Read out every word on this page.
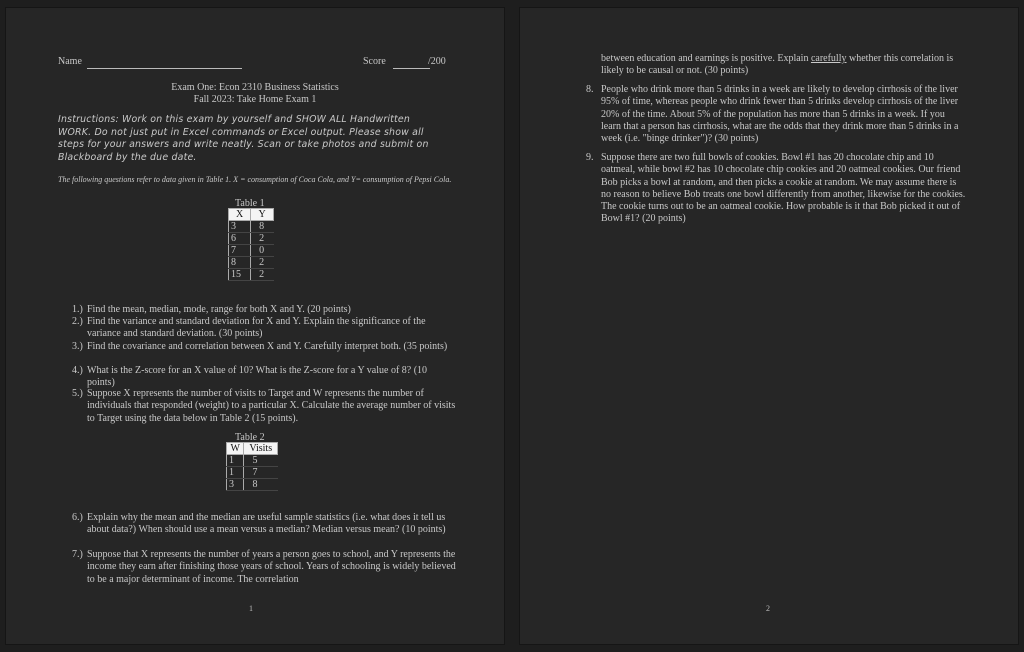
Name	Score	/200
Exam One: Econ 2310 Business Statistics
Fall 2023: Take Home Exam 1
Instructions: Work on this exam by yourself and SHOW ALL Handwritten WORK. Do not just put in Excel commands or Excel output. Please show all steps for your answers and write neatly. Scan or take photos and submit on Blackboard by the due date.
The following questions refer to data given in Table 1. X = consumption of Coca Cola, and Y= consumption of Pepsi Cola.
Table 1
X	Y
3	8
6	2
7	0
8	2
15	2
1.) Find the mean, median, mode, range for both X and Y. (20 points)
2.) Find the variance and standard deviation for X and Y. Explain the significance of the variance and standard deviation. (30 points)
3.) Find the covariance and correlation between X and Y. Carefully interpret both. (35 points)
4.) What is the Z-score for an X value of 10? What is the Z-score for a Y value of 8? (10 points)
5.) Suppose X represents the number of visits to Target and W represents the number of individuals that responded (weight) to a particular X. Calculate the average number of visits to Target using the data below in Table 2 (15 points).
Table 2
W	Visits
1	5
1	7
3	8
6.) Explain why the mean and the median are useful sample statistics (i.e. what does it tell us about data?) When should use a mean versus a median? Median versus mean? (10 points)
7.) Suppose that X represents the number of years a person goes to school, and Y represents the income they earn after finishing those years of school. Years of schooling is widely believed to be a major determinant of income. The correlation
1
between education and earnings is positive. Explain carefully whether this correlation is likely to be causal or not. (30 points)
8. People who drink more than 5 drinks in a week are likely to develop cirrhosis of the liver 95% of time, whereas people who drink fewer than 5 drinks develop cirrhosis of the liver 20% of the time. About 5% of the population has more than 5 drinks in a week. If you learn that a person has cirrhosis, what are the odds that they drink more than 5 drinks in a week (i.e. "binge drinker")? (30 points)
9. Suppose there are two full bowls of cookies. Bowl #1 has 20 chocolate chip and 10 oatmeal, while bowl #2 has 10 chocolate chip cookies and 20 oatmeal cookies. Our friend Bob picks a bowl at random, and then picks a cookie at random. We may assume there is no reason to believe Bob treats one bowl differently from another, likewise for the cookies. The cookie turns out to be an oatmeal cookie. How probable is it that Bob picked it out of Bowl #1? (20 points)
2
